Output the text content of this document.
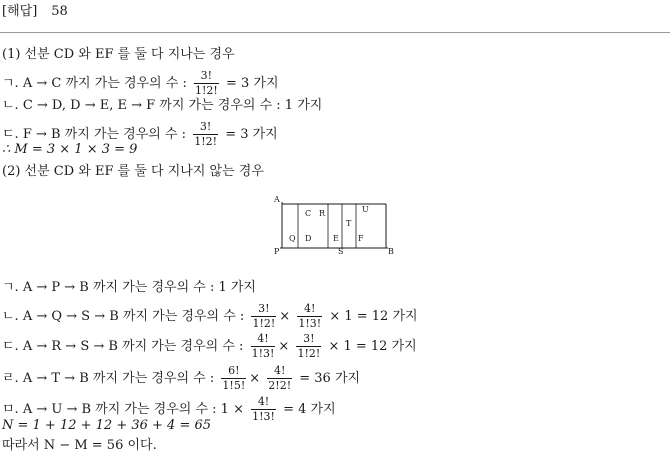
[해답] 58
(1) 선분 CD 와 EF 를 둘 다 지나는 경우
ㄱ. A → C 까지 가는 경우의 수 : $\frac{3!}{1!2!} = 3$ 가지
ㄴ. C → D, D → E, E → F 까지 가는 경우의 수 : 1 가지
ㄷ. F → B 까지 가는 경우의 수 : $\frac{3!}{1!2!} = 3$ 가지
∴ M = 3 × 1 × 3 = 9
(2) 선분 CD 와 EF 를 둘 다 지나지 않는 경우
A
P
Q
C R
D	E
T
U
F
S	B
ㄱ. A → P → B 까지 가는 경우의 수 : 1 가지
ㄴ. A → Q → S → B 까지 가는 경우의 수 : $\frac{3!}{1!2!} \times \frac{4!}{1!3!} \times 1 = 12$ 가지
ㄷ. A → R → S → B 까지 가는 경우의 수 : $\frac{4!}{1!3!} \times \frac{3!}{1!2!} \times 1 = 12$ 가지
ㄹ. A → T → B 까지 가는 경우의 수 : $\frac{6!}{1!5!} \times \frac{4!}{2!2!} = 36$ 가지
ㅁ. A → U → B 까지 가는 경우의 수 : $1 \times \frac{4!}{1!3!} = 4$ 가지
N = 1 + 12 + 12 + 36 + 4 = 65
따라서 N − M = 56 이다.
